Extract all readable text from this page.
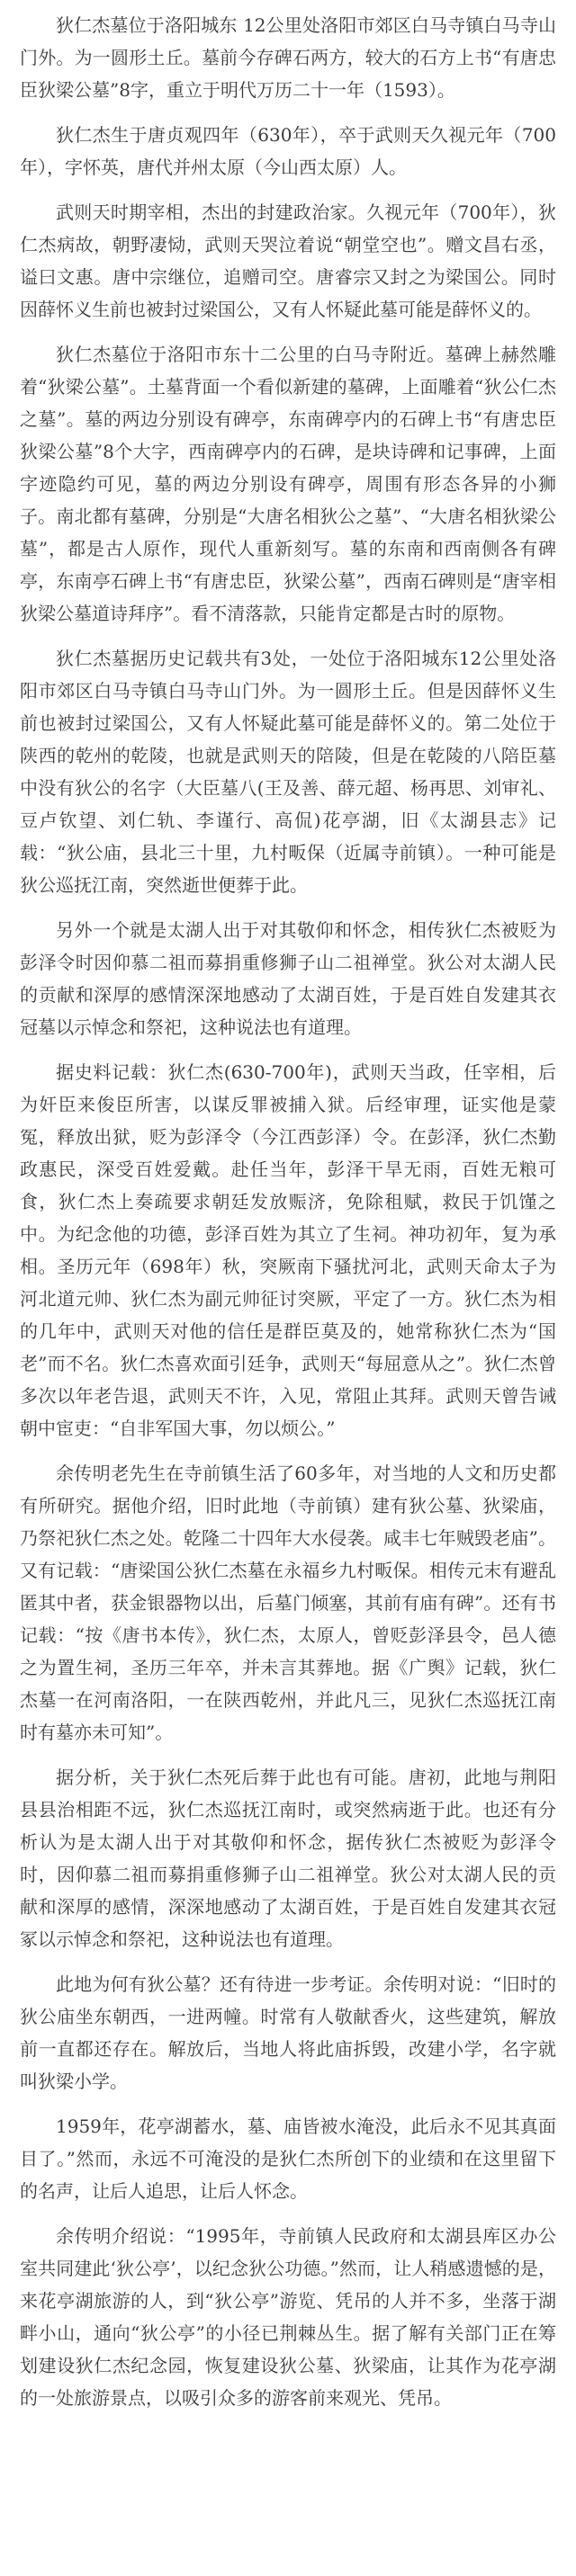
狄仁杰墓位于洛阳城东 12公里处洛阳市郊区白马寺镇白马寺山门外。为一圆形土丘。墓前今存碑石两方，较大的石方上书“有唐忠臣狄梁公墓”8字，重立于明代万历二十一年（1593）。

狄仁杰生于唐贞观四年（630年），卒于武则天久视元年（700年），字怀英，唐代并州太原（今山西太原）人。

武则天时期宰相，杰出的封建政治家。久视元年（700年），狄仁杰病故，朝野凄恸，武则天哭泣着说“朝堂空也”。赠文昌右丞，谥曰文惠。唐中宗继位，追赠司空。唐睿宗又封之为梁国公。同时因薛怀义生前也被封过梁国公，又有人怀疑此墓可能是薛怀义的。

狄仁杰墓位于洛阳市东十二公里的白马寺附近。墓碑上赫然雕着“狄梁公墓”。土墓背面一个看似新建的墓碑，上面雕着“狄公仁杰之墓”。墓的两边分别设有碑亭，东南碑亭内的石碑上书“有唐忠臣狄梁公墓”8个大字，西南碑亭内的石碑，是块诗碑和记事碑，上面字迹隐约可见，墓的两边分别设有碑亭，周围有形态各异的小狮子。南北都有墓碑，分别是“大唐名相狄公之墓”、“大唐名相狄梁公墓”，都是古人原作，现代人重新刻写。墓的东南和西南侧各有碑亭，东南亭石碑上书“有唐忠臣，狄梁公墓”，西南石碑则是“唐宰相狄梁公墓道诗拜序”。看不清落款，只能肯定都是古时的原物。

狄仁杰墓据历史记载共有3处，一处位于洛阳城东12公里处洛阳市郊区白马寺镇白马寺山门外。为一圆形土丘。但是因薛怀义生前也被封过梁国公，又有人怀疑此墓可能是薛怀义的。第二处位于陕西的乾州的乾陵，也就是武则天的陪陵，但是在乾陵的八陪臣墓中没有狄公的名字（大臣墓八(王及善、薛元超、杨再思、刘审礼、豆卢钦望、刘仁轨、李谨行、高侃)花亭湖，旧《太湖县志》记载：“狄公庙，县北三十里，九村畈保（近属寺前镇）。一种可能是狄公巡抚江南，突然逝世便葬于此。

另外一个就是太湖人出于对其敬仰和怀念，相传狄仁杰被贬为彭泽令时因仰慕二祖而募捐重修狮子山二祖禅堂。狄公对太湖人民的贡献和深厚的感情深深地感动了太湖百姓，于是百姓自发建其衣冠墓以示悼念和祭祀，这种说法也有道理。

据史料记载：狄仁杰(630-700年)，武则天当政，任宰相，后为奸臣来俊臣所害，以谋反罪被捕入狱。后经审理，证实他是蒙冤，释放出狱，贬为彭泽令（今江西彭泽）令。在彭泽，狄仁杰勤政惠民，深受百姓爱戴。赴任当年，彭泽干旱无雨，百姓无粮可食，狄仁杰上奏疏要求朝廷发放赈济，免除租赋，救民于饥馑之中。为纪念他的功德，彭泽百姓为其立了生祠。神功初年，复为承相。圣历元年（698年）秋，突厥南下骚扰河北，武则天命太子为河北道元帅、狄仁杰为副元帅征讨突厥，平定了一方。狄仁杰为相的几年中，武则天对他的信任是群臣莫及的，她常称狄仁杰为“国老”而不名。狄仁杰喜欢面引廷争，武则天“每屈意从之”。狄仁杰曾多次以年老告退，武则天不许，入见，常阻止其拜。武则天曾告诫朝中宦吏：“自非军国大事，勿以烦公。”

余传明老先生在寺前镇生活了60多年，对当地的人文和历史都有所研究。据他介绍，旧时此地（寺前镇）建有狄公墓、狄梁庙，乃祭祀狄仁杰之处。乾隆二十四年大水侵袭。咸丰七年贼毁老庙”。又有记载：“唐梁国公狄仁杰墓在永福乡九村畈保。相传元末有避乱匿其中者，获金银器物以出，后墓门倾塞，其前有庙有碑”。还有书记载：“按《唐书本传》，狄仁杰，太原人，曾贬彭泽县令，邑人德之为置生祠，圣历三年卒，并未言其葬地。据《广舆》记载，狄仁杰墓一在河南洛阳，一在陕西乾州，并此凡三，见狄仁杰巡抚江南时有墓亦未可知”。

据分析，关于狄仁杰死后葬于此也有可能。唐初，此地与荆阳县县治相距不远，狄仁杰巡抚江南时，或突然病逝于此。也还有分析认为是太湖人出于对其敬仰和怀念，据传狄仁杰被贬为彭泽令时，因仰慕二祖而募捐重修狮子山二祖禅堂。狄公对太湖人民的贡献和深厚的感情，深深地感动了太湖百姓，于是百姓自发建其衣冠冢以示悼念和祭祀，这种说法也有道理。

此地为何有狄公墓？还有待进一步考证。余传明对说：“旧时的狄公庙坐东朝西，一进两幢。时常有人敬献香火，这些建筑，解放前一直都还存在。解放后，当地人将此庙拆毁，改建小学，名字就叫狄梁小学。

1959年，花亭湖蓄水，墓、庙皆被水淹没，此后永不见其真面目了。”然而，永远不可淹没的是狄仁杰所创下的业绩和在这里留下的名声，让后人追思，让后人怀念。

余传明介绍说：“1995年，寺前镇人民政府和太湖县库区办公室共同建此‘狄公亭’，以纪念狄公功德。”然而，让人稍感遗憾的是，来花亭湖旅游的人，到“狄公亭”游览、凭吊的人并不多，坐落于湖畔小山，通向“狄公亭”的小径已荆棘丛生。据了解有关部门正在筹划建设狄仁杰纪念园，恢复建设狄公墓、狄梁庙，让其作为花亭湖的一处旅游景点，以吸引众多的游客前来观光、凭吊。
